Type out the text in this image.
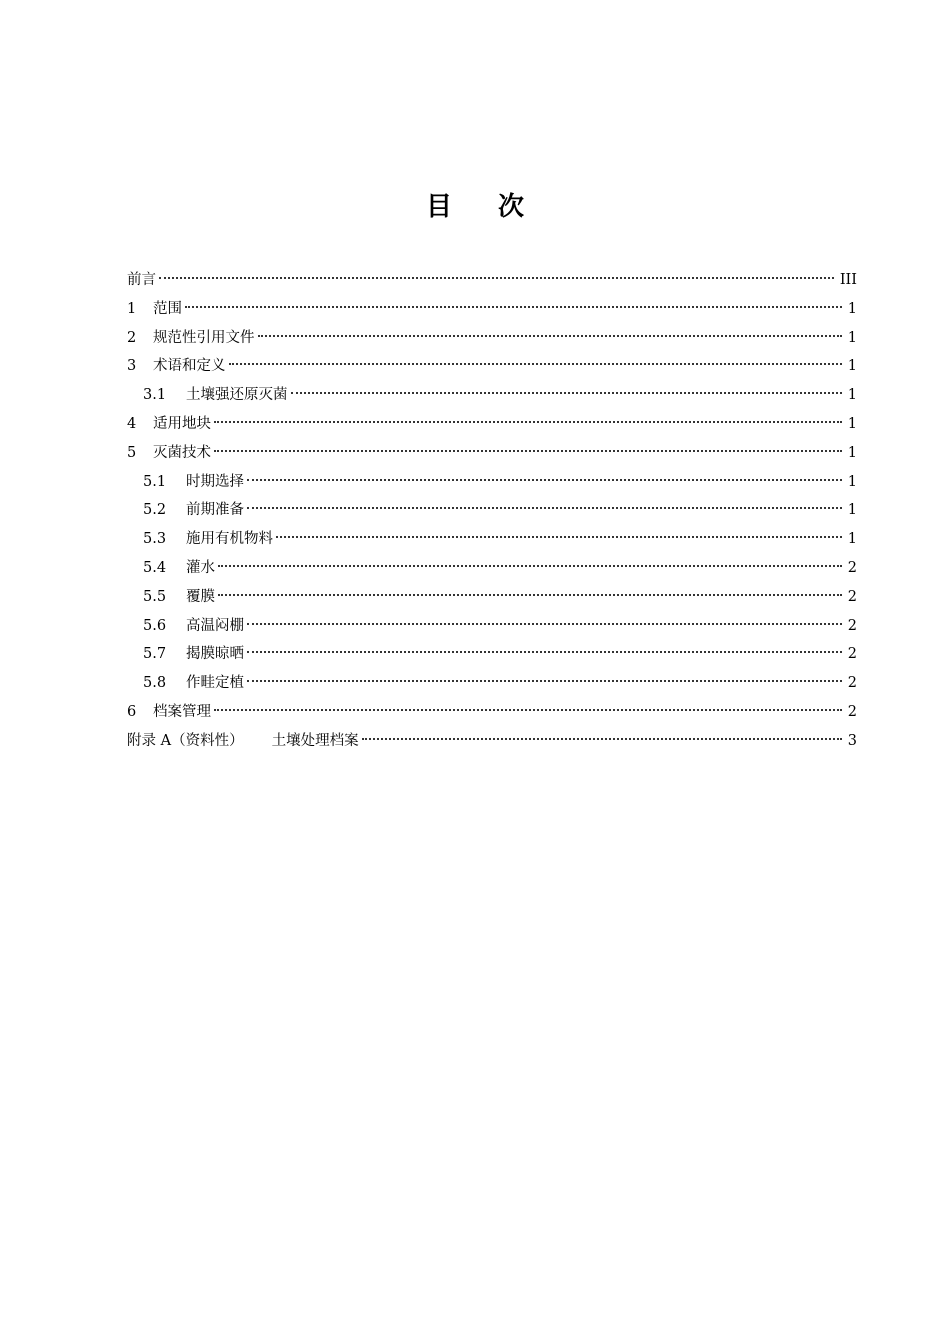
目 次
前言	III
1	范围	1
2	规范性引用文件	1
3	术语和定义	1
3.1	土壤强还原灭菌	1
4	适用地块	1
5	灭菌技术	1
5.1	时期选择	1
5.2	前期准备	1
5.3	施用有机物料	1
5.4	灌水	2
5.5	覆膜	2
5.6	高温闷棚	2
5.7	揭膜晾晒	2
5.8	作畦定植	2
6	档案管理	2
附录 A（资料性）	土壤处理档案	3
